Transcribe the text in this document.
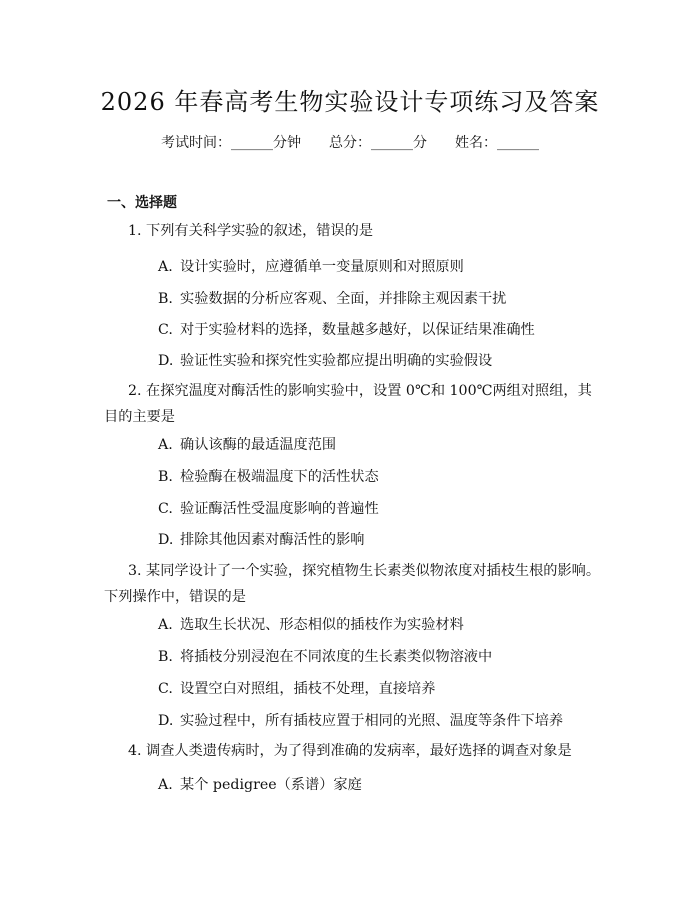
2026 年春高考生物实验设计专项练习及答案
考试时间：______分钟 总分：______分 姓名：______
一、选择题
1. 下列有关科学实验的叙述，错误的是
A. 设计实验时，应遵循单一变量原则和对照原则
B. 实验数据的分析应客观、全面，并排除主观因素干扰
C. 对于实验材料的选择，数量越多越好，以保证结果准确性
D. 验证性实验和探究性实验都应提出明确的实验假设
2. 在探究温度对酶活性的影响实验中，设置 0℃和 100℃两组对照组，其目的主要是
A. 确认该酶的最适温度范围
B. 检验酶在极端温度下的活性状态
C. 验证酶活性受温度影响的普遍性
D. 排除其他因素对酶活性的影响
3. 某同学设计了一个实验，探究植物生长素类似物浓度对插枝生根的影响。下列操作中，错误的是
A. 选取生长状况、形态相似的插枝作为实验材料
B. 将插枝分别浸泡在不同浓度的生长素类似物溶液中
C. 设置空白对照组，插枝不处理，直接培养
D. 实验过程中，所有插枝应置于相同的光照、温度等条件下培养
4. 调查人类遗传病时，为了得到准确的发病率，最好选择的调查对象是
A. 某个 pedigree（系谱）家庭
